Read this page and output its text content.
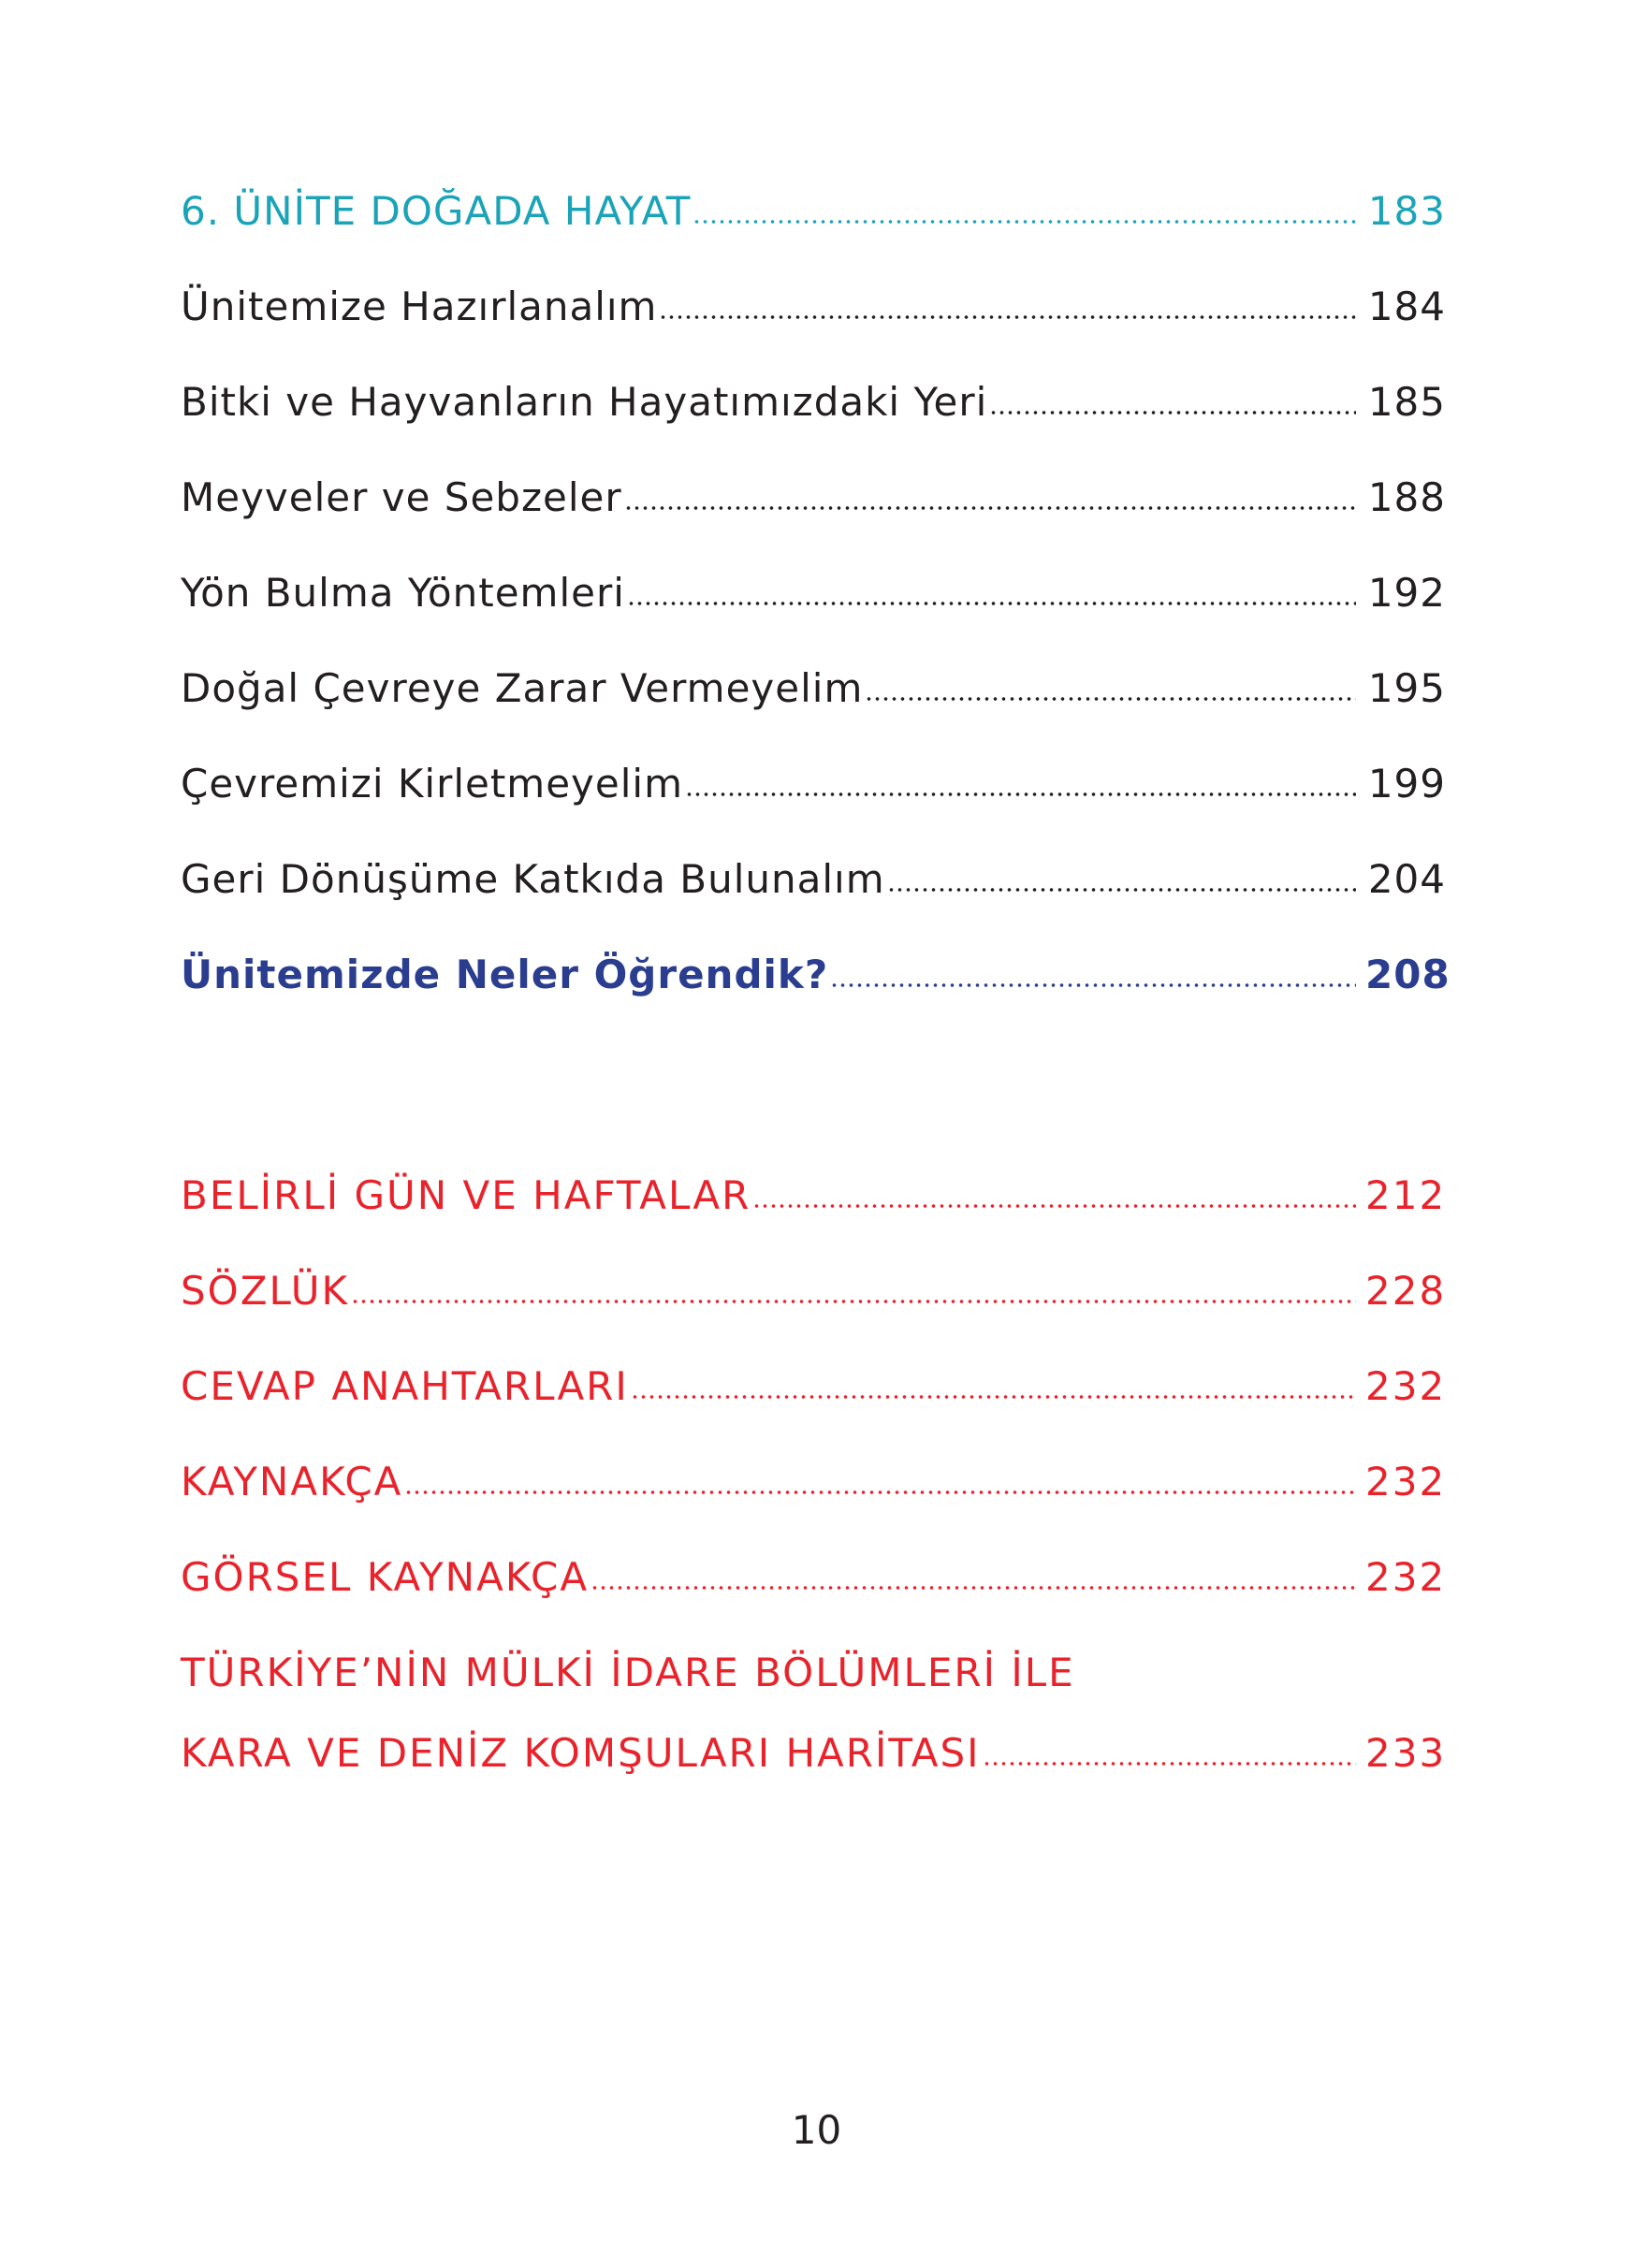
6. ÜNİTE DOĞADA HAYAT	183
Ünitemize Hazırlanalım	184
Bitki ve Hayvanların Hayatımızdaki Yeri	185
Meyveler ve Sebzeler	188
Yön Bulma Yöntemleri	192
Doğal Çevreye Zarar Vermeyelim	195
Çevremizi Kirletmeyelim	199
Geri Dönüşüme Katkıda Bulunalım	204
Ünitemizde Neler Öğrendik?	208
BELİRLİ GÜN VE HAFTALAR	212
SÖZLÜK	228
CEVAP ANAHTARLARI	232
KAYNAKÇA	232
GÖRSEL KAYNAKÇA	232
TÜRKİYE’NİN MÜLKİ İDARE BÖLÜMLERİ İLE
KARA VE DENİZ KOMŞULARI HARİTASI	233
10
